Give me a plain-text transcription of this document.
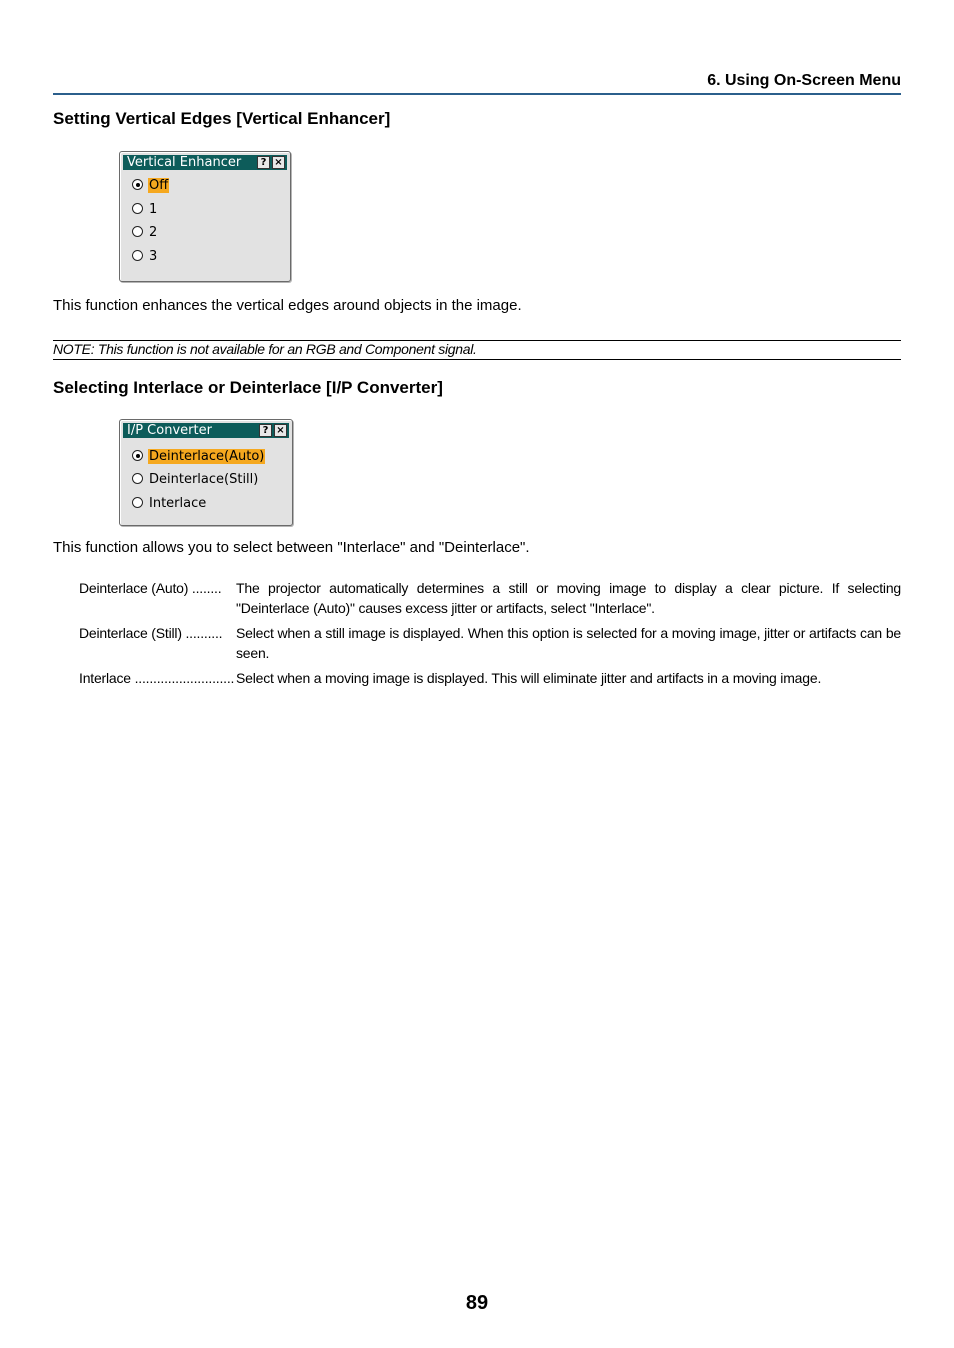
6. Using On-Screen Menu
Setting Vertical Edges [Vertical Enhancer]
Vertical Enhancer	? ×
Off
1
2
3
This function enhances the vertical edges around objects in the image.
NOTE: This function is not available for an RGB and Component signal.
Selecting Interlace or Deinterlace [I/P Converter]
I/P Converter	? ×
Deinterlace(Auto)
Deinterlace(Still)
Interlace
This function allows you to select between "Interlace" and "Deinterlace".
Deinterlace (Auto) ........	The projector automatically determines a still or moving image to display a clear picture. If selecting "Deinterlace (Auto)" causes excess jitter or artifacts, select "Interlace".
Deinterlace (Still) .......... Select when a still image is displayed. When this option is selected for a moving image, jitter or artifacts can be seen.
Interlace ........................... Select when a moving image is displayed. This will eliminate jitter and artifacts in a moving image.
89
